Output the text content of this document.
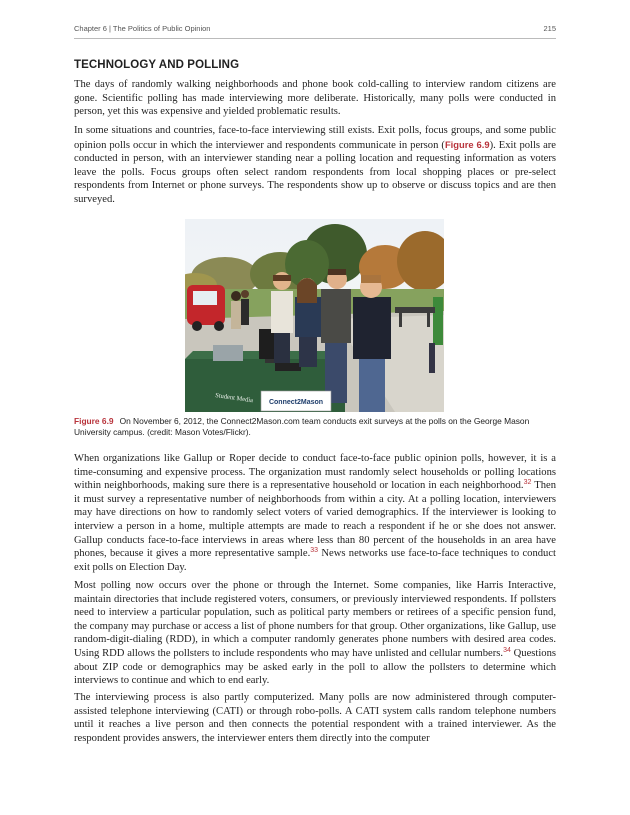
Chapter 6 | The Politics of Public Opinion	215
TECHNOLOGY AND POLLING

The days of randomly walking neighborhoods and phone book cold-calling to interview random citizens are gone. Scientific polling has made interviewing more deliberate. Historically, many polls were conducted in person, yet this was expensive and yielded problematic results.

In some situations and countries, face-to-face interviewing still exists. Exit polls, focus groups, and some public opinion polls occur in which the interviewer and respondents communicate in person (Figure 6.9). Exit polls are conducted in person, with an interviewer standing near a polling location and requesting information as voters leave the polls. Focus groups often select random respondents from local shopping places or pre-select respondents from Internet or phone surveys. The respondents show up to observe or discuss topics and are then surveyed.

Connect2Mason
Student Media

Figure 6.9 On November 6, 2012, the Connect2Mason.com team conducts exit surveys at the polls on the George Mason University campus. (credit: Mason Votes/Flickr).

When organizations like Gallup or Roper decide to conduct face-to-face public opinion polls, however, it is a time-consuming and expensive process. The organization must randomly select households or polling locations within neighborhoods, making sure there is a representative household or location in each neighborhood.$^{32}$ Then it must survey a representative number of neighborhoods from within a city. At a polling location, interviewers may have directions on how to randomly select voters of varied demographics. If the interviewer is looking to interview a person in a home, multiple attempts are made to reach a respondent if he or she does not answer. Gallup conducts face-to-face interviews in areas where less than 80 percent of the households in an area have phones, because it gives a more representative sample.$^{33}$ News networks use face-to-face techniques to conduct exit polls on Election Day.

Most polling now occurs over the phone or through the Internet. Some companies, like Harris Interactive, maintain directories that include registered voters, consumers, or previously interviewed respondents. If pollsters need to interview a particular population, such as political party members or retirees of a specific pension fund, the company may purchase or access a list of phone numbers for that group. Other organizations, like Gallup, use random-digit-dialing (RDD), in which a computer randomly generates phone numbers with desired area codes. Using RDD allows the pollsters to include respondents who may have unlisted and cellular numbers.$^{34}$ Questions about ZIP code or demographics may be asked early in the poll to allow the pollsters to determine which interviews to continue and which to end early.

The interviewing process is also partly computerized. Many polls are now administered through computer-assisted telephone interviewing (CATI) or through robo-polls. A CATI system calls random telephone numbers until it reaches a live person and then connects the potential respondent with a trained interviewer. As the respondent provides answers, the interviewer enters them directly into the computer
